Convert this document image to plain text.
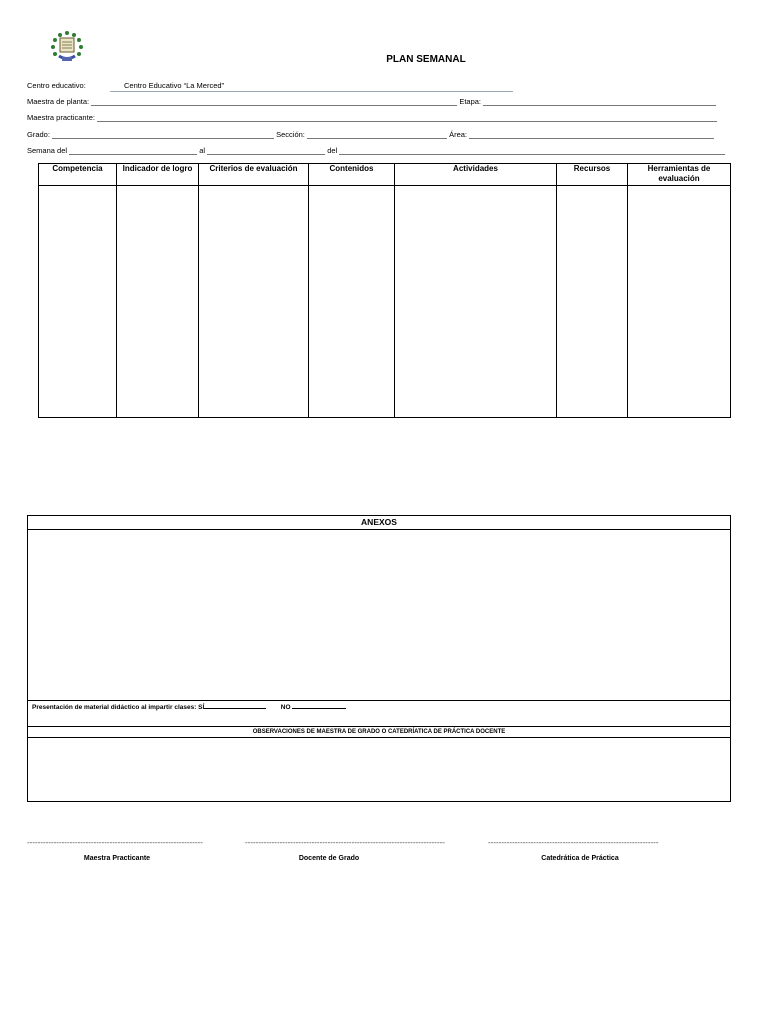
PLAN SEMANAL
Centro educativo:	Centro Educativo “La Merced”
Maestra de planta:	Etapa:
Maestra practicante:
Grado:	Sección:	Área:
Semana del	al	del
Competencia	Indicador de logro	Criterios de evaluación	Contenidos	Actividades	Recursos	Herramientas de evaluación

ANEXOS
Presentación de material didáctico al impartir clases: SÍ	NO
OBSERVACIONES DE MAESTRA DE GRADO O CATEDRÍATICA DE PRÁCTICA DOCENTE
------------------------------------------------------------------	---------------------------------------------------------------------------	----------------------------------------------------------------
Maestra Practicante	Docente de Grado	Catedrática de Práctica
